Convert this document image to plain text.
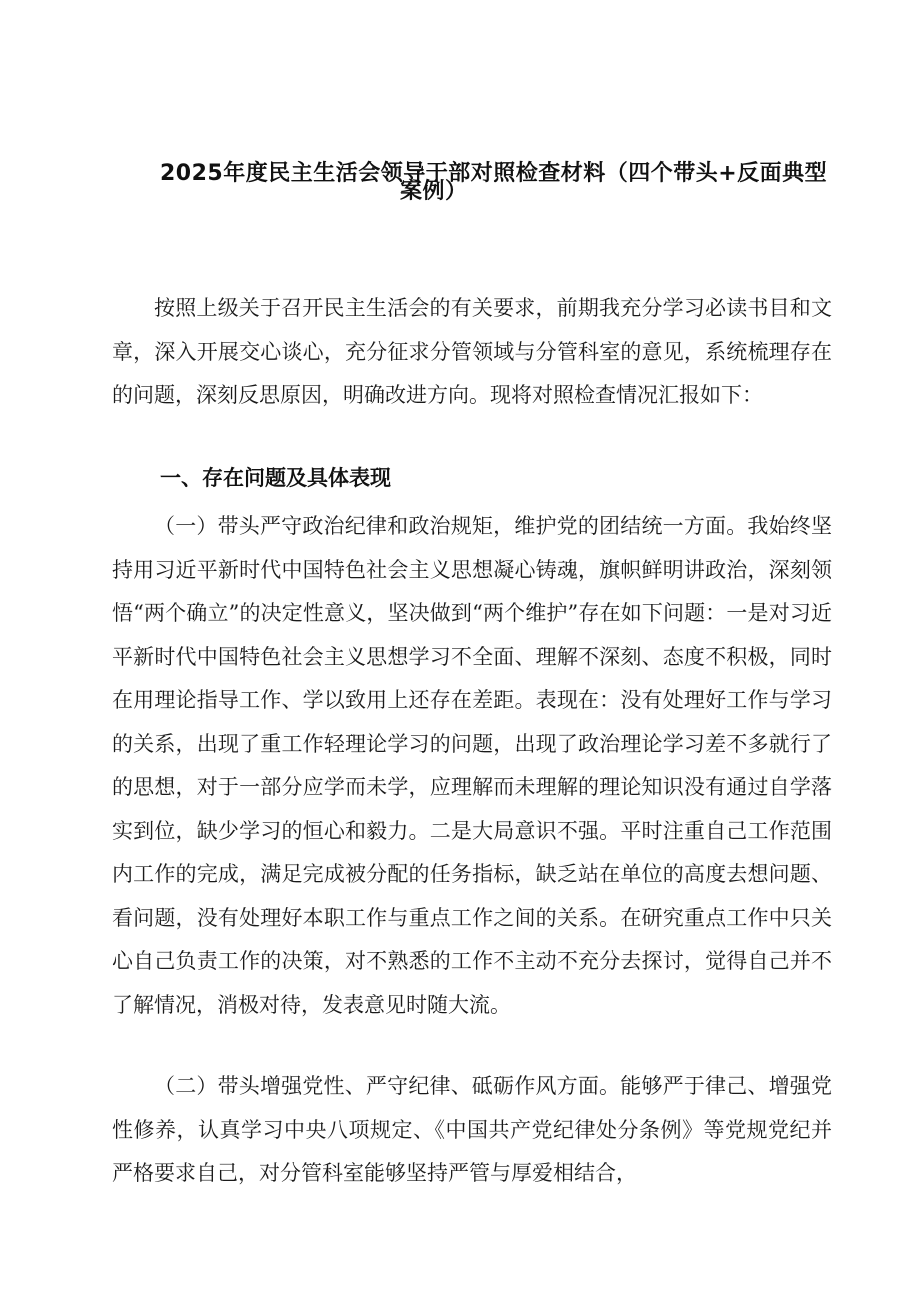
2025年度民主生活会领导干部对照检查材料（四个带头+反面典型
案例）

按照上级关于召开民主生活会的有关要求，前期我充分学习必读书目和文章，深入开展交心谈心，充分征求分管领域与分管科室的意见，系统梳理存在的问题，深刻反思原因，明确改进方向。现将对照检查情况汇报如下：

一、存在问题及具体表现

（一）带头严守政治纪律和政治规矩，维护党的团结统一方面。我始终坚持用习近平新时代中国特色社会主义思想凝心铸魂，旗帜鲜明讲政治，深刻领悟“两个确立”的决定性意义，坚决做到“两个维护”存在如下问题：一是对习近平新时代中国特色社会主义思想学习不全面、理解不深刻、态度不积极，同时在用理论指导工作、学以致用上还存在差距。表现在：没有处理好工作与学习的关系，出现了重工作轻理论学习的问题，出现了政治理论学习差不多就行了的思想，对于一部分应学而未学，应理解而未理解的理论知识没有通过自学落实到位，缺少学习的恒心和毅力。二是大局意识不强。平时注重自己工作范围内工作的完成，满足完成被分配的任务指标，缺乏站在单位的高度去想问题、看问题，没有处理好本职工作与重点工作之间的关系。在研究重点工作中只关心自己负责工作的决策，对不熟悉的工作不主动不充分去探讨，觉得自己并不了解情况，消极对待，发表意见时随大流。

（二）带头增强党性、严守纪律、砥砺作风方面。能够严于律己、增强党性修养，认真学习中央八项规定、《中国共产党纪律处分条例》等党规党纪并严格要求自己，对分管科室能够坚持严管与厚爱相结合，
